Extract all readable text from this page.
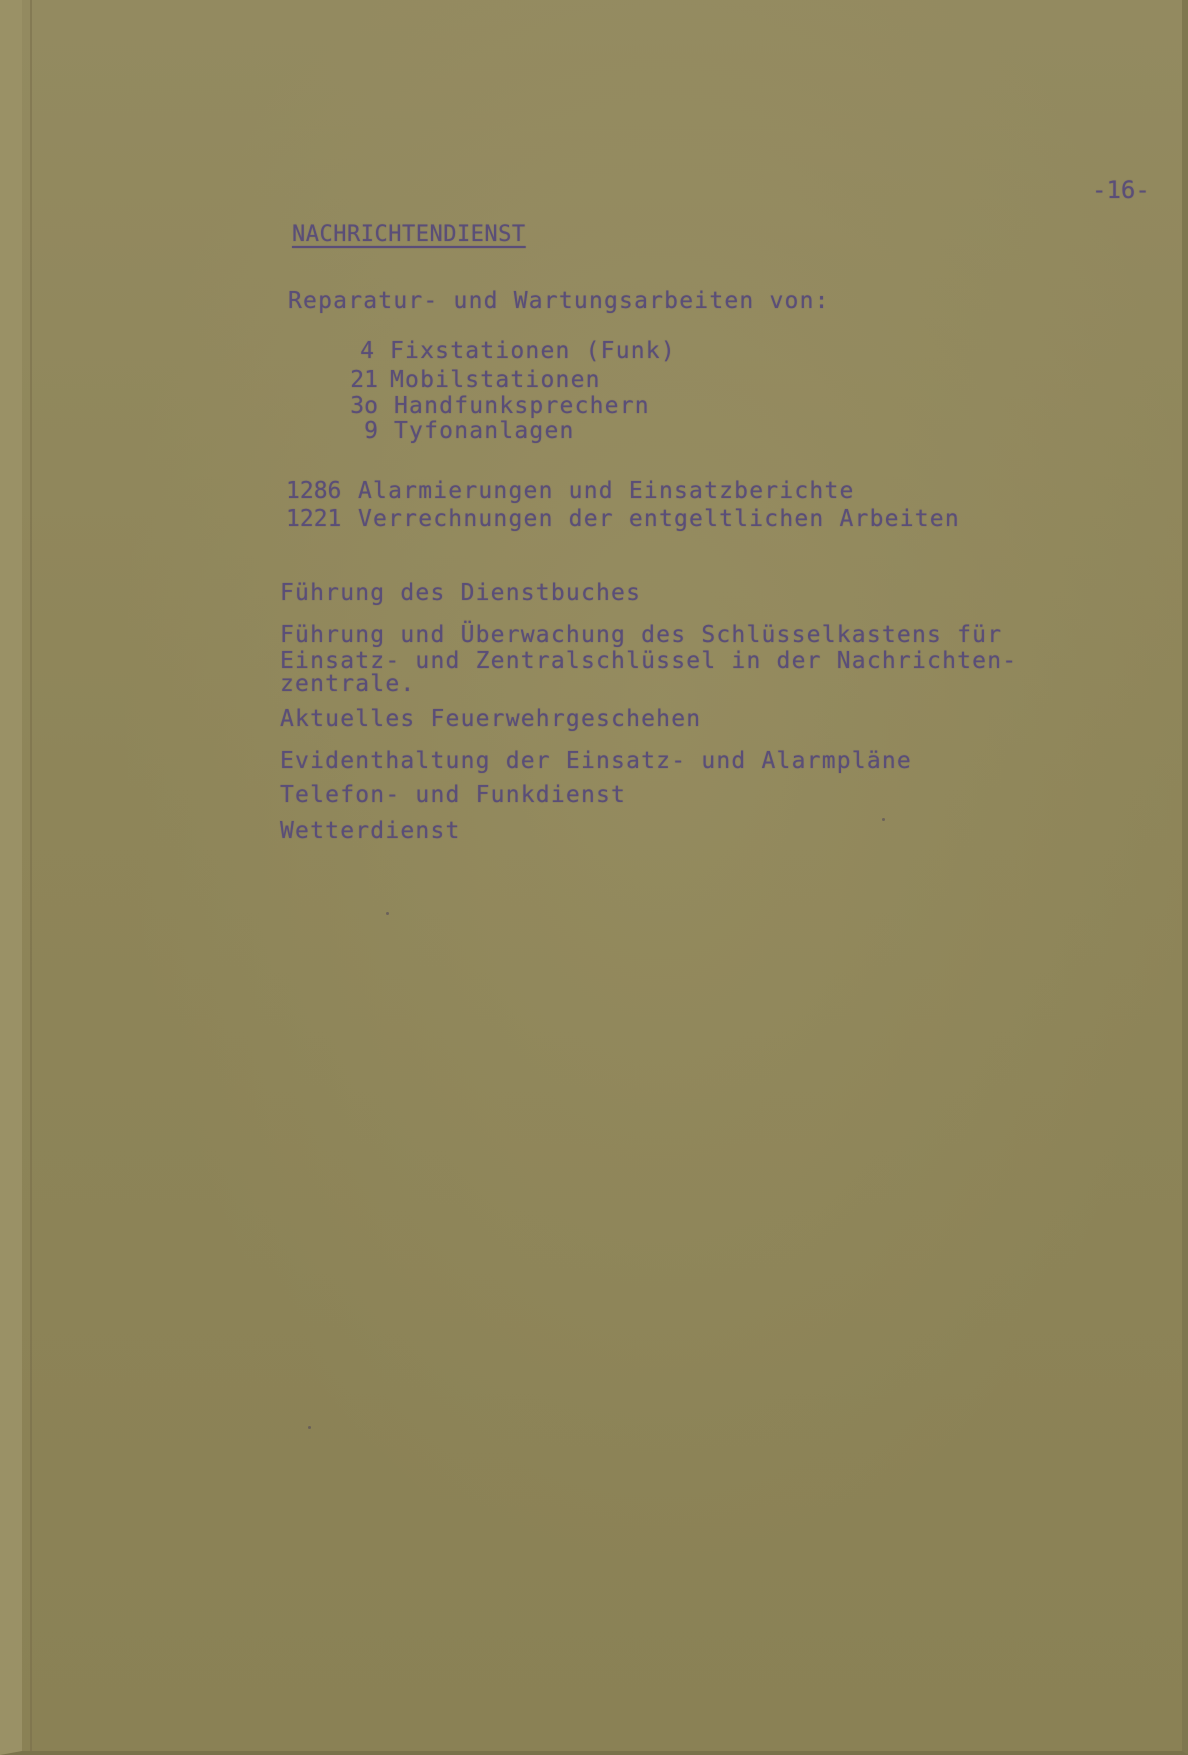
-16-
NACHRICHTENDIENST
Reparatur- und Wartungsarbeiten von:
4 Fixstationen (Funk)
21 Mobilstationen
3o Handfunksprechern
9 Tyfonanlagen
1286 Alarmierungen und Einsatzberichte
1221 Verrechnungen der entgeltlichen Arbeiten
Führung des Dienstbuches
Führung und Überwachung des Schlüsselkastens für
Einsatz- und Zentralschlüssel in der Nachrichten-
zentrale.
Aktuelles Feuerwehrgeschehen
Evidenthaltung der Einsatz- und Alarmpläne
Telefon- und Funkdienst
Wetterdienst
